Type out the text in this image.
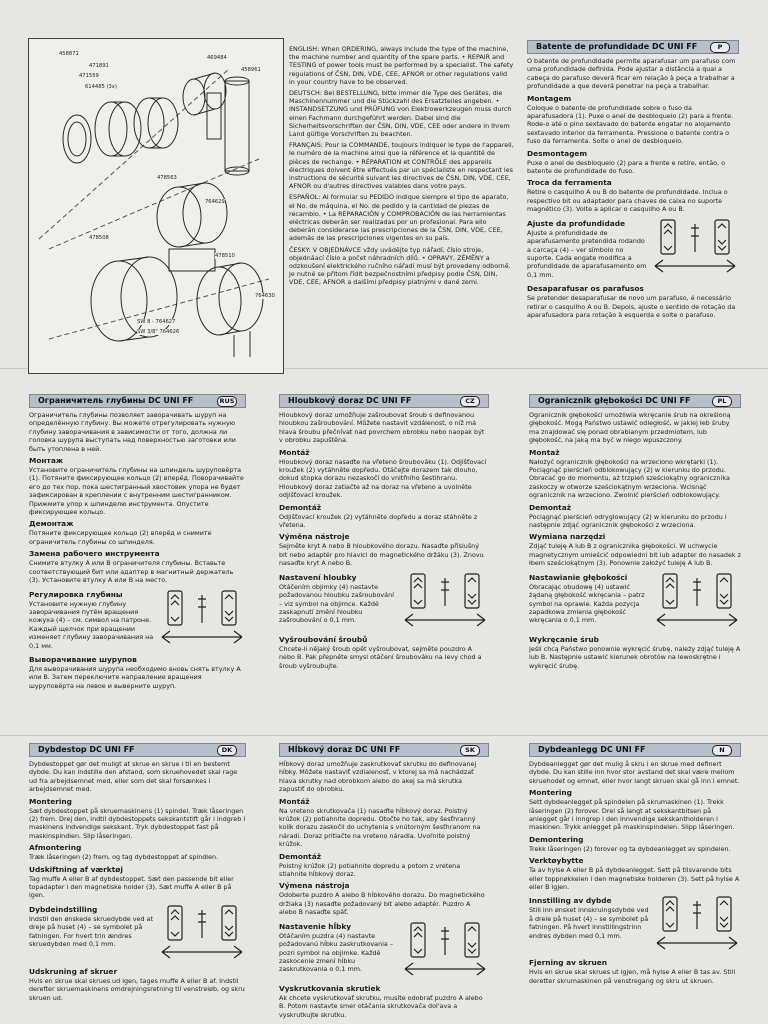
458871
471891
471559
614485 (3x)
469484
458961
478563
764629
478508
478510
764630
SW 8 - 764627
SW 3/8" 764626

ENGLISH: When ORDERING, always include the type of the machine, the machine number and quantity of the spare parts. • REPAIR and TESTING of power tools must be performed by a specialist. The safety regulations of ČSN, DIN, VDE, CEE, AFNOR or other regulations valid in your country have to be observed.

DEUTSCH: Bei BESTELLUNG, bitte immer die Type des Gerätes, die Maschinennummer und die Stückzahl des Ersatzteiles angeben. • INSTANDSETZUNG und PRÜFUNG von Elektrowerkzeugen muss durch einen Fachmann durchgeführt werden. Dabei sind die Sicherheitsvorschriften der ČSN, DIN, VDE, CEE oder andere in Ihrem Land gültige Vorschriften zu beachten.

FRANÇAIS: Pour la COMMANDE, toujours indiquer le type de l'appareil, le numéro de la machine ainsi que la référence et la quantité de pièces de rechange. • RÉPARATION et CONTRÔLE des appareils électriques doivent être effectués par un spécialiste en respectant les instructions de sécurité suivant les directives de ČSN, DIN, VDE, CEE, AFNOR ou d'autres directives valables dans votre pays.

ESPAÑOL: Al formular su PEDIDO indique siempre el tipo de aparato, el No. de máquina, el No. de pedido y la cantidad de piezas de recambio. • La REPARACIÓN y COMPROBACIÓN de las herramientas eléctricas deberán ser realizadas por un profesional. Para ello deberán considerarse las prescripciones de la ČSN, DIN, VDE, CEE, además de las prescripciones vigentes en su país.

ČESKY: V OBJEDNÁVCE vždy uvádějte typ nářadí, číslo stroje, objednáací číslo a počet náhradních dílů. • OPRAVY, ZĚMĚNY a odzkoušení elektrického ručního nářadí musí být provedeny odborně. Je nutné se přitom řídit bezpečnostními předpisy podle ČSN, DIN, VDE, CEE, AFNOR a dalšími předpisy platnými v dané zemi.

Batente de profundidade DC UNI FF	P

O batente de profundidade permite aparafusar um parafuso com uma profundidade definida. Pode ajustar a distância a qual a cabeça do parafuso deverá ficar em relação à peça a trabalhar a profundidade a que deverá penetrar na peça a trabalhar.

Montagem

Coloque o batente de profundidade sobre o fuso da aparafusadora (1). Puxe o anel de desbloqueio (2) para a frente. Rode-o até o pino sextavado do batente engatar no alojamento sextavado interior da ferramenta. Pressione o batente contra o fuso da ferramenta. Solte o anel de desbloqueio.

Desmontagem

Puxe o anel de desbloqueio (2) para a frente e retire, então, o batente de profundidade do fuso.

Troca da ferramenta

Retire o casquilho A ou B do batente de profundidade. Inclua o respectivo bit ou adaptador para chaves de caixa no suporte magnético (3). Volte a aplicar o casquilho A ou B.

Ajuste da profundidade

Ajuste a profundidade de aparafusamento pretendida rodando a carcaça (4) – ver símbolo no suporte. Cada engate modifica a profundidade de aparafusamento em 0,1 mm.

Desaparafusar os parafusos

Se pretender desaparafusar de novo um parafuso, é necessário retirar o casquilho A ou B. Depois, ajuste o sentido de rotação da aparafusadora para rotação à esquerda e solte o parafuso.

Ограничитель глубины DC UNI FF	RUS

Ограничитель глубины позволяет заворачивать шуруп на определённую глубину. Вы можете отрегулировать нужную глубину заворачивания в зависимости от того, должна ли головка шурупа выступать над поверхностью заготовки или быть утоплена в ней.

Монтаж

Установите ограничитель глубины на шпиндель шуруповёрта (1). Потяните фиксирующее кольцо (2) вперёд. Поворачивайте его до тех пор, пока шестигранный хвостовик упора не будет зафиксирован в креплении с внутренним шестигранником. Прижмите упор к шпинделю инструмента. Опустите фиксирующее кольцо.

Демонтаж

Потяните фиксирующее кольцо (2) вперёд и снимите ограничитель глубины со шпинделя.

Замена рабочего инструмента

Снимите втулку A или B ограничителя глубины. Вставьте соответствующий бит или адаптер в магнитный держатель (3). Установите втулку A или B на место.

Регулировка глубины

Установите нужную глубину заворачивания путём вращения кожуха (4) – см. символ на патроне. Каждый щелчок при вращении изменяет глубину заворачивания на 0,1 мм.

Выворачивание шурупов

Для выворачивания шурупа необходимо вновь снять втулку A или B. Затем переключите направление вращения шуруповёрта на левое и выверните шуруп.

Hloubkový doraz DC UNI FF	CZ

Hloubkový doraz umožňuje zašroubovat šroub s definovanou hloubkou zašroubování. Můžete nastavit vzdálenost, o níž má hlava šroubu přečnívat nad povrchem obrobku nebo naopak být v obrobku zapuštěna.

Montáž

Hloubkový doraz nasaďte na vřeteno šroubováku (1). Odjišťovací kroužek (2) vytáhněte dopředu. Otáčejte dorazem tak dlouho, dokud stopka dorazu nezaskočí do vnitřního šestihranu. Hloubkový doraz zatlačte až na doraz na vřeteno a uvolněte odjišťovací kroužek.

Demontáž

Odjišťovací kroužek (2) vytáhněte dopředu a doraz stáhněte z vřetena.

Výměna nástroje

Sejměte kryt A nebo B hloubkového dorazu. Nasaďte příslušný bit nebo adaptér pro hlavici do magnetického držáku (3). Znovu nasaďte kryt A nebo B.

Nastavení hloubky

Otáčením objimky (4) nastavte požadovanou hloubku zašroubování – viz symbol na objimce. Každé zaskapnutí změní hloubku zašroubování o 0,1 mm.

Vyšroubování šroubů

Chcete-li nějaký šroub opět vyšroubovat, sejměte pouzdro A nebo B. Pak přepněte smysl otáčení šroubováku na levy chod a šroub vyšroubujte.

Ogranicznik głębokości DC UNI FF	PL

Ogranicznik głębokości umożliwia wkręcanie śrub na określoną głębokość. Mogą Państwo ustawić odległość, w jakiej łeb śruby ma znajdować się ponad obrabianym przedmiotem, lub głębokość, na jaką ma być w niego wpuszczony.

Montaż

Nałożyć ogranicznik głębokości na wrzeciono wkrętarki (1). Pociągnąć pierścień odblokowujący (2) w kierunku do przodu. Obracać go do momentu, aż trzpień sześciokątny ogranicznika zaskoczy w otworze sześciokątnym wrzeciona. Wcisnąć ogranicznik na wrzeciono. Zwolnić pierścień odblokowujący.

Demontaż

Pociągnąć pierścień odryglowujący (2) w kierunku do przodu i następnie zdjąć ogranicznik głębokości z wrzeciona.

Wymiana narzędzi

Zdjąć tuleję A lub B z ogranicznika głębokości. W uchwycie magnetycznym umieścić odpowiedni bit lub adapter do nasadek z łbem sześciokątnym (3). Ponownie założyć tuleję A lub B.

Nastawianie głębokości

Obracając obudowę (4) ustawić żądaną głębokość wkręcania – patrz symbol na oprawie. Każda pozycja zapadkowa zmienia głębokość wkręcania o 0,1 mm.

Wykręcanie śrub

Jeśli chcą Państwo ponownie wykręcić śrubę, należy zdjąć tuleję A lub B. Następnie ustawić kierunek obrotów na lewoskrętne i wykręcić śrubę.

Dybdestop DC UNI FF	DK

Dybdestoppet gør det muligt at skrue en skrue i til en bestemt dybde. Du kan indstille den afstand, som skruehovedet skal rage ud fra arbejdsemnet med, eller som det skal forsænkes i arbejdsemnet med.

Montering

Sæt dybdestoppet på skruemaskinens (1) spindel. Træk låseringen (2) frem. Drej den, indtil dybdestoppets sekskantstift går i indgreb i maskinens indvendige sekskant. Tryk dybdestoppet fast på maskinspindlen. Slip låseringen.

Afmontering

Træk låseringen (2) frem, og tag dybdestoppet af spindlen.

Udskiftning af værktøj

Tag muffe A eller B af dybdestoppet. Sæt den passende bit eller topadapter i den magnetiske holder (3). Sæt muffe A eller B på igen.

Dybdeindstilling

Indstil den ønskede skruedybde ved at dreje på huset (4) – se symbolet på fatningen. For hvert trin ændres skruedybden med 0,1 mm.

Udskruning af skruer

Hvis en skrue skal skrues ud igen, tages muffe A eller B af. Indstil derefter skruemaskinens omdrejningsretning til venstreløb, og skru skruen ud.

Hĺbkový doraz DC UNI FF	SK

Hĺbkový doraz umožňuje zaskrutkovať skrutku do definovanej hĺbky. Môžete nastaviť vzdialenosť, v ktorej sa má nachádzať hlava skrutky nad obrobkom alebo do akej sa má skrutka zapustiť do obrobku.

Montáž

Na vreteno skrutkovača (1) nasaďte hĺbkový doraz. Poistný krúžok (2) potiahnite dopredu. Otočte ho tak, aby šesťhranný kolík dorazu zaskočil do uchytenia s vnútorným šesťhranom na náradi. Doraz pritlačte na vreteno náradia. Uvoľnite poistný krúžok.

Demontáž

Poistný krúžok (2) potiahnite dopredu a potom z vretena stiahnite hĺbkový doraz.

Výmena nástroja

Odoberte puzdro A alebo B hĺbkového dorazu. Do magnetického držiaka (3) nasaďte požadovaný bit alebo adaptér. Puzdro A alebo B nasaďte späť.

Nastavenie hĺbky

Otáčaním puzdra (4) nastavte požadovanú hĺbku zaskrutkovania – pozri symbol na objimke. Každé zaskocenie zmení hĺbku zaskrutkovania o 0,1 mm.

Vyskrutkovania skrutiek

Ak chcete vyskrutkovať skrutku, musíte odobrať puzdro A alebo B. Potom nastavte smer otáčania skrutkovača dol'ava a vyskrutkujte skrutku.

Dybdeanlegg DC UNI FF	N

Dybdeanlegget gør det mulig å skru i en skrue med definert dybde. Du kan stille inn hvor stor avstand det skal være mellom skruehodet og emnet, eller hvor langt skruen skal gå inn i emnet.

Montering

Sett dybdeanlegget på spindelen på skrumaskinen (1). Trekk låseringen (2) forover. Drei så langt at sekskantbitsen på anlegget går i inngrep i den innvendige sekskantholderen i maskinen. Trykk anlegget på maskinspindelen. Slipp låseringen.

Demontering

Trekk låseringen (2) forover og ta dybdeanlegget av spindelen.

Verktøybytte

Ta av hylse A eller B på dybdeanlegget. Sett på tilsvarende bits eller toppnøkkelen i den magnetiske holderen (3). Sett på hylse A eller B igjen.

Innstilling av dybde

Still inn ønsket innskruingsdybde ved å dreie på huset (4) – se symbolet på fatningen. På hvert innstillingstrinn endres dybden med 0,1 mm.

Fjerning av skruen

Hvis en skrue skal skrues ut igjen, må hylse A eller B tas av. Still deretter skrumaskinen på venstregang og skru ut skruen.
